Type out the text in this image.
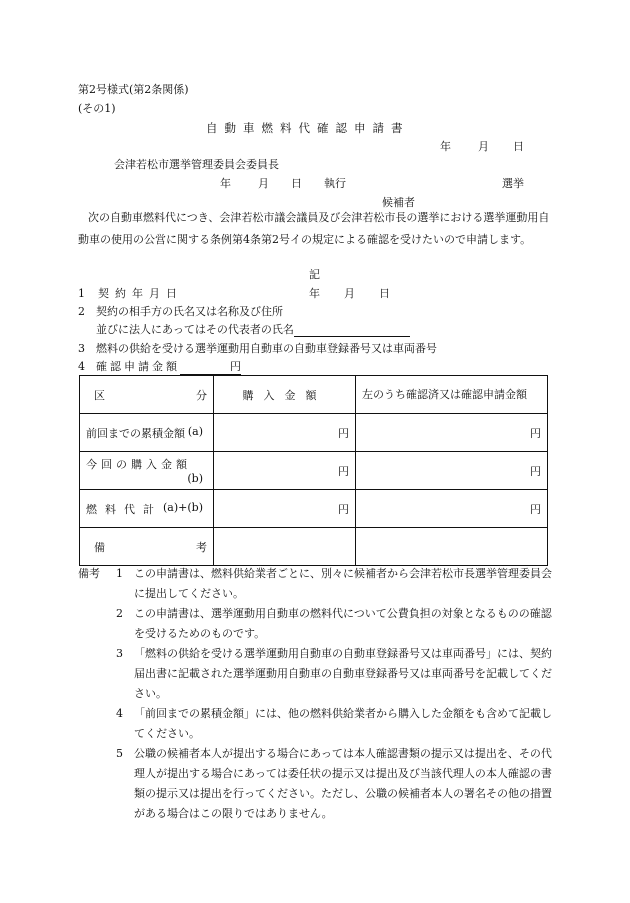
第2号様式(第2条関係)
(その1)
自動車燃料代確認申請書
年 月 日
会津若松市選挙管理委員会委員長
年 月 日 執行	選挙
候補者
次の自動車燃料代につき、会津若松市議会議員及び会津若松市長の選挙における選挙運動用自動車の使用の公営に関する条例第4条第2号イの規定による確認を受けたいので申請します。
記
1 契約年月日	年 月 日
2 契約の相手方の氏名又は名称及び住所
並びに法人にあってはその代表者の氏名
3 燃料の供給を受ける選挙運動用自動車の自動車登録番号又は車両番号
4 確認申請金額	円
区 分	購入金額	左のうち確認済又は確認申請金額
前回までの累積金額 (a)	円	円
今回の購入金額
(b)	円	円
燃料代計 (a)+(b)	円	円
備 考		

備考 1 この申請書は、燃料供給業者ごとに、別々に候補者から会津若松市長選挙管理委員会に提出してください。
2 この申請書は、選挙運動用自動車の燃料代について公費負担の対象となるものの確認を受けるためのものです。
3 「燃料の供給を受ける選挙運動用自動車の自動車登録番号又は車両番号」には、契約届出書に記載された選挙運動用自動車の自動車登録番号又は車両番号を記載してください。
4 「前回までの累積金額」には、他の燃料供給業者から購入した金額をも含めて記載してください。
5 公職の候補者本人が提出する場合にあっては本人確認書類の提示又は提出を、その代理人が提出する場合にあっては委任状の提示又は提出及び当該代理人の本人確認の書類の提示又は提出を行ってください。ただし、公職の候補者本人の署名その他の措置がある場合はこの限りではありません。
